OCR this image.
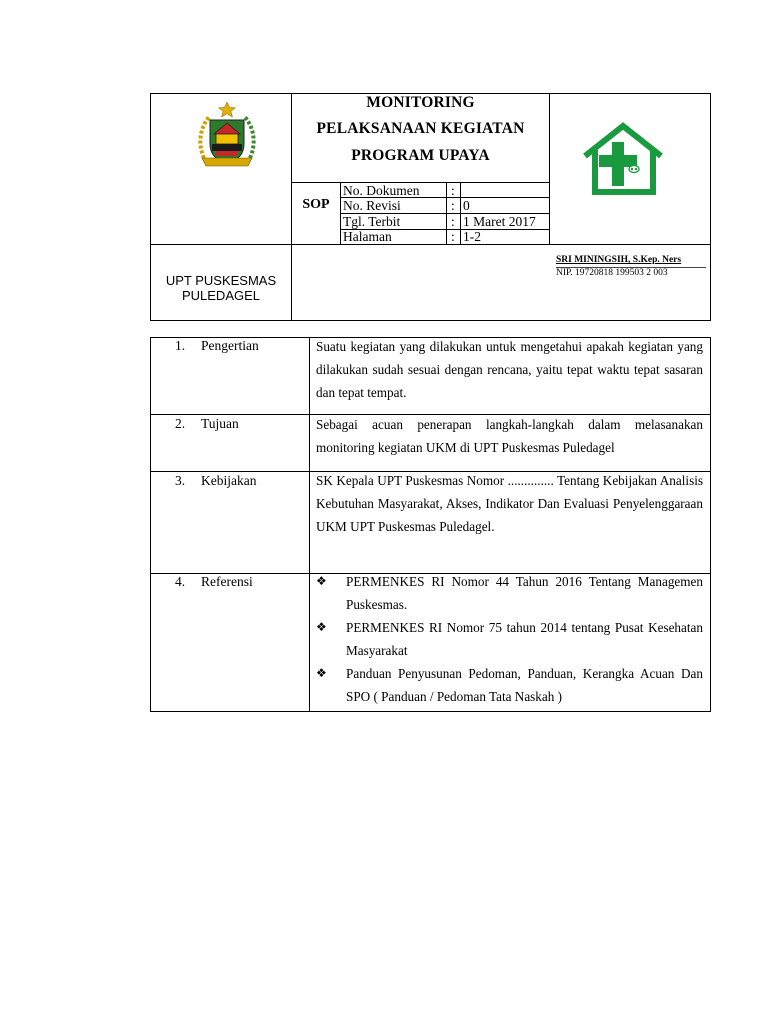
MONITORING
PELAKSANAAN KEGIATAN
PROGRAM UPAYA
SOP
No. Dokumen :
No. Revisi	: 0
Tgl. Terbit	: 1 Maret 2017
Halaman	: 1-2
UPT PUSKESMAS
PULEDAGEL
SRI MININGSIH, S.Kep. Ners
NIP. 19720818 199503 2 003
1. Pengertian	Suatu kegiatan yang dilakukan untuk mengetahui apakah kegiatan yang dilakukan sudah sesuai dengan rencana, yaitu tepat waktu tepat sasaran dan tepat tempat.
2. Tujuan	Sebagai acuan penerapan langkah-langkah dalam melasanakan monitoring kegiatan UKM di UPT Puskesmas Puledagel
3. Kebijakan	SK Kepala UPT Puskesmas Nomor .............. Tentang Kebijakan Analisis Kebutuhan Masyarakat, Akses, Indikator Dan Evaluasi Penyelenggaraan UKM UPT Puskesmas Puledagel.
4. Referensi	❖	PERMENKES RI Nomor 44 Tahun 2016 Tentang Managemen Puskesmas.
❖	PERMENKES RI Nomor 75 tahun 2014 tentang Pusat Kesehatan Masyarakat
❖	Panduan Penyusunan Pedoman, Panduan, Kerangka Acuan Dan SPO ( Panduan / Pedoman Tata Naskah )
